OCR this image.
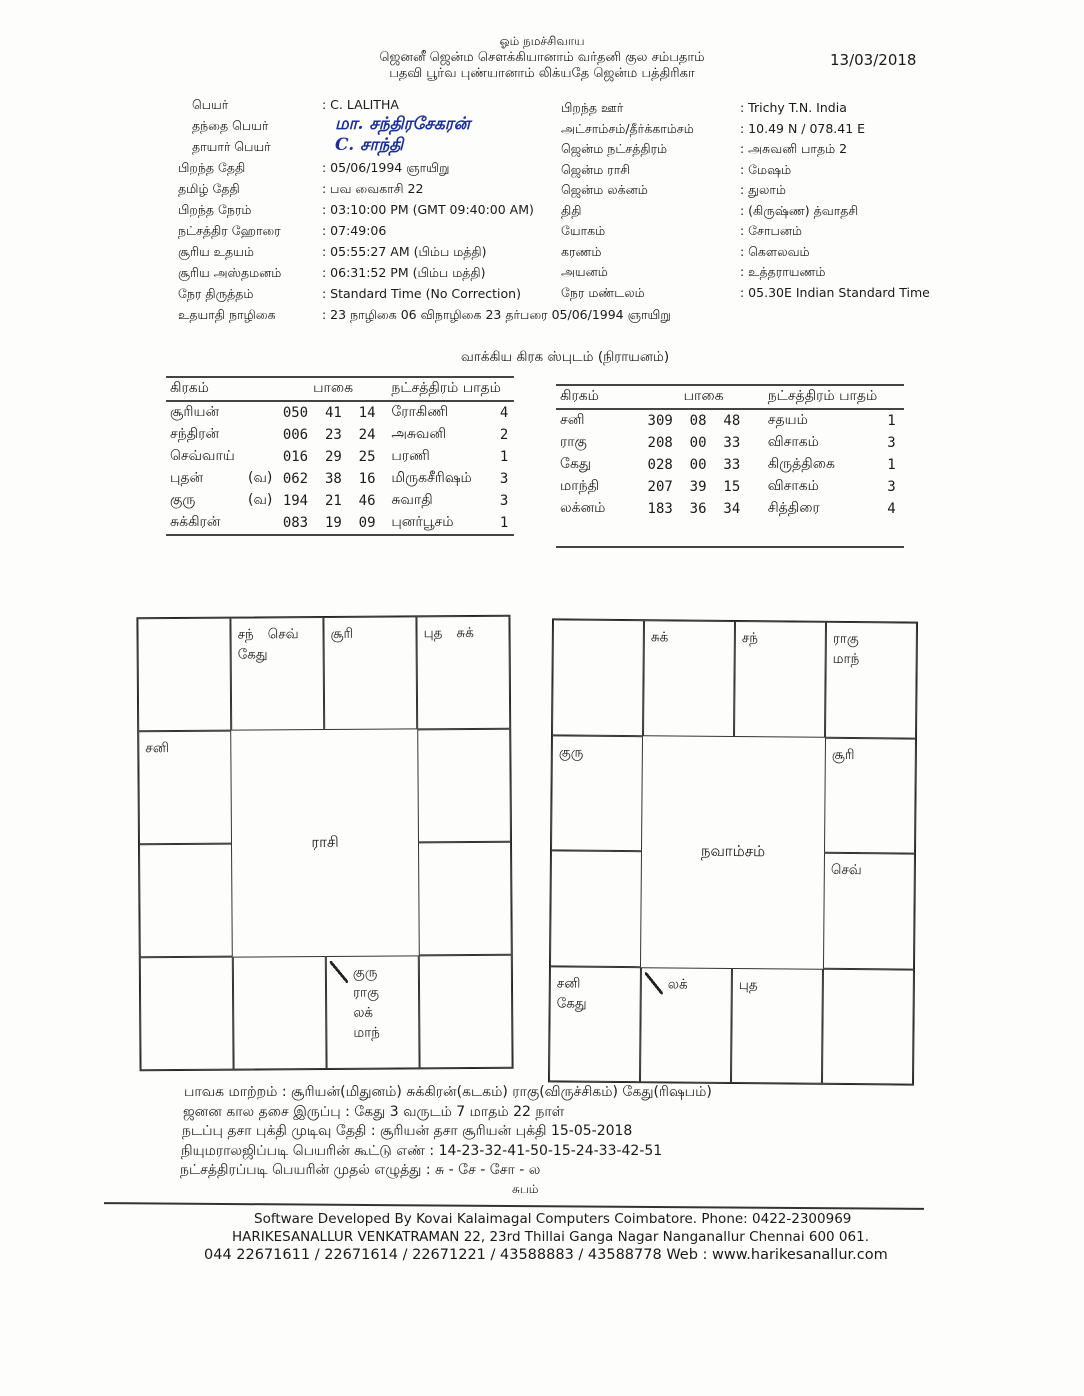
ஓம் நமச்சிவாய
ஜெனனீ ஜென்ம செளக்கியானாம் வர்தனி குல சம்பதாம்
பதவி பூர்வ புண்யானாம் லிக்யதே ஜென்ம பத்திரிகா
13/03/2018
பெயர்	: C. LALITHA
தந்தை பெயர்	மா. சந்திரசேகரன்
தாயார் பெயர்	C. சாந்தி
பிறந்த தேதி	: 05/06/1994 ஞாயிறு
தமிழ் தேதி	: பவ வைகாசி 22
பிறந்த நேரம்	: 03:10:00 PM (GMT 09:40:00 AM)
நட்சத்திர ஹோரை	: 07:49:06
சூரிய உதயம்	: 05:55:27 AM (பிம்ப மத்தி)
சூரிய அஸ்தமனம்	: 06:31:52 PM (பிம்ப மத்தி)
நேர திருத்தம்	: Standard Time (No Correction)
உதயாதி நாழிகை	: 23 நாழிகை 06 விநாழிகை 23 தர்பரை 05/06/1994 ஞாயிறு
பிறந்த ஊர்	: Trichy T.N. India
அட்சாம்சம்/தீர்க்காம்சம்	: 10.49 N / 078.41 E
ஜென்ம நட்சத்திரம்	: அசுவனி பாதம் 2
ஜென்ம ராசி	: மேஷம்
ஜென்ம லக்னம்	: துலாம்
திதி	: (கிருஷ்ண) த்வாதசி
யோகம்	: சோபனம்
கரணம்	: கௌலவம்
அயனம்	: உத்தராயணம்
நேர மண்டலம்	: 05.30E Indian Standard Time
வாக்கிய கிரக ஸ்புடம் (நிராயனம்)
கிரகம்		பாகை	நட்சத்திரம் பாதம்	
சூரியன்		050  41  14	ரோகிணி	4
சந்திரன்		006  23  24	அசுவனி	2
செவ்வாய்		016  29  25	பரணி	1
புதன்	(வ)	062  38  16	மிருகசீரிஷம்	3
குரு	(வ)	194  21  46	சுவாதி	3
சுக்கிரன்		083  19  09	புனர்பூசம்	1
கிரகம்		பாகை	நட்சத்திரம் பாதம்	
சனி		309  08  48	சதயம்	1
ராகு		208  00  33	விசாகம்	3
கேது		028  00  33	கிருத்திகை	1
மாந்தி		207  39  15	விசாகம்	3
லக்னம்		183  36  34	சித்திரை	4

சந் செவ்கேது
சூரி	புத சுக்
சனி
குருராகுலக்மாந்
ராசி
சுக்	சந்	ராகுமாந்
குரு	சூரி
செவ்
சனிகேது
லக்	புத
நவாம்சம்
பாவக மாற்றம் : சூரியன்(மிதுனம்) சுக்கிரன்(கடகம்) ராகு(விருச்சிகம்) கேது(ரிஷபம்)
ஜனன கால தசை இருப்பு : கேது 3 வருடம் 7 மாதம் 22 நாள்
நடப்பு தசா புக்தி முடிவு தேதி : சூரியன் தசா சூரியன் புக்தி 15-05-2018
நியுமராலஜிப்படி பெயரின் கூட்டு எண் : 14-23-32-41-50-15-24-33-42-51
நட்சத்திரப்படி பெயரின் முதல் எழுத்து : சு - சே - சோ - ல
சுபம்
Software Developed By Kovai Kalaimagal Computers Coimbatore. Phone: 0422-2300969
HARIKESANALLUR VENKATRAMAN 22, 23rd Thillai Ganga Nagar Nanganallur Chennai 600 061.
044 22671611 / 22671614 / 22671221 / 43588883 / 43588778 Web : www.harikesanallur.com
